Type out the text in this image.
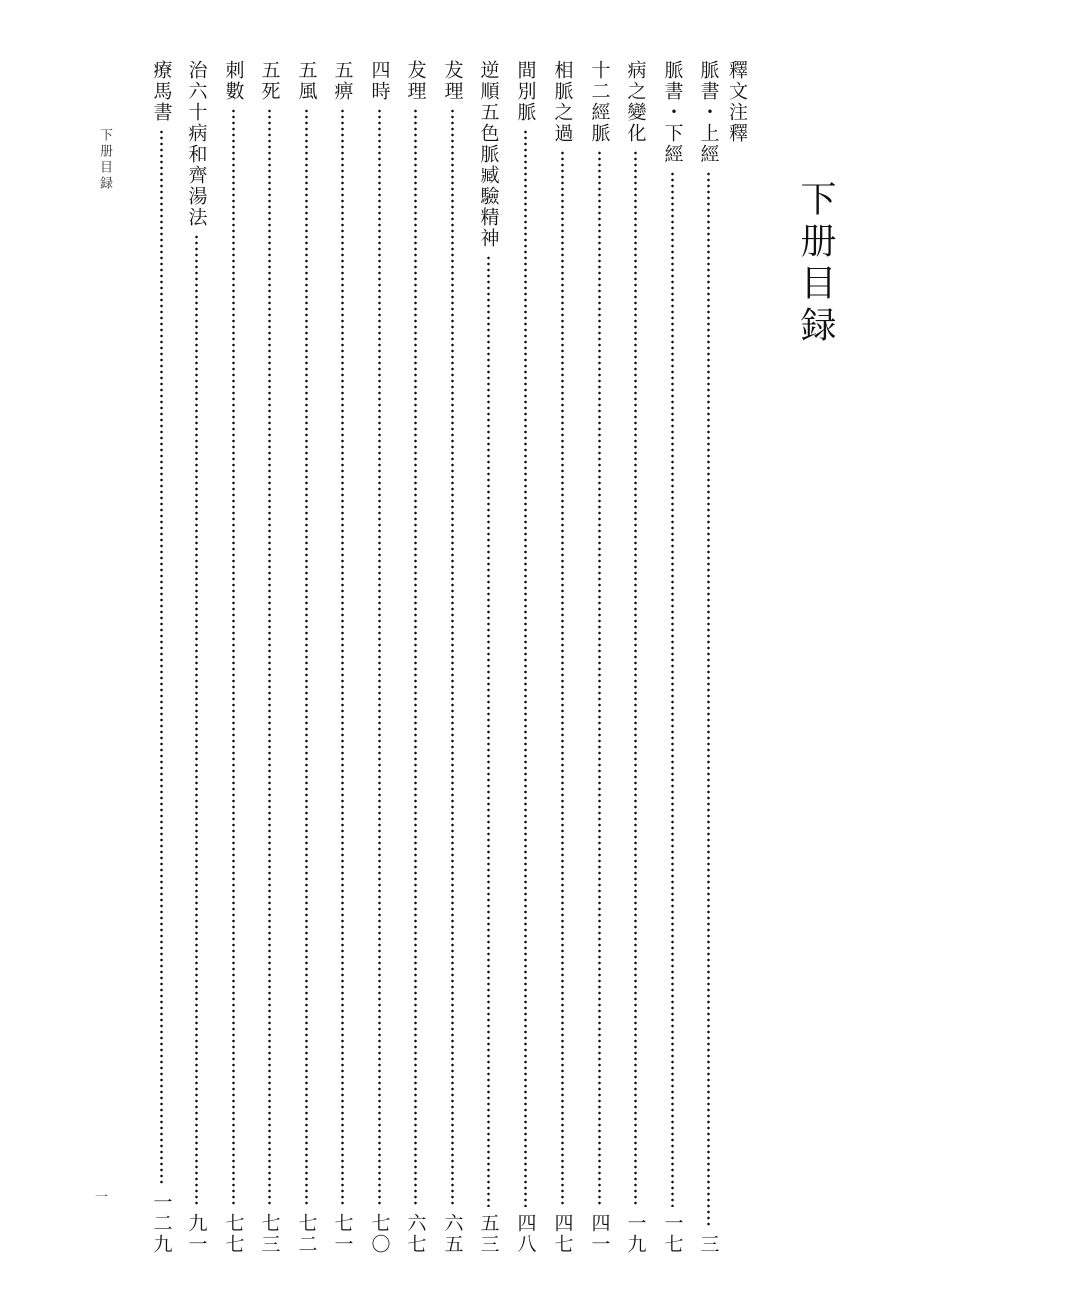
下册目録
釋文注釋
脈書・上經
三
脈書・下經
一七
病之變化
一九
十二經脈
四一
相脈之過
四七
間別脈
四八
逆順五色脈臧驗精神
五三
犮理
六五
犮理
六七
四時
七〇
五痹
七一
五風
七二
五死
七三
刺數
七七
治六十病和齊湯法
九一
療馬書
一二九
下册目録
一
